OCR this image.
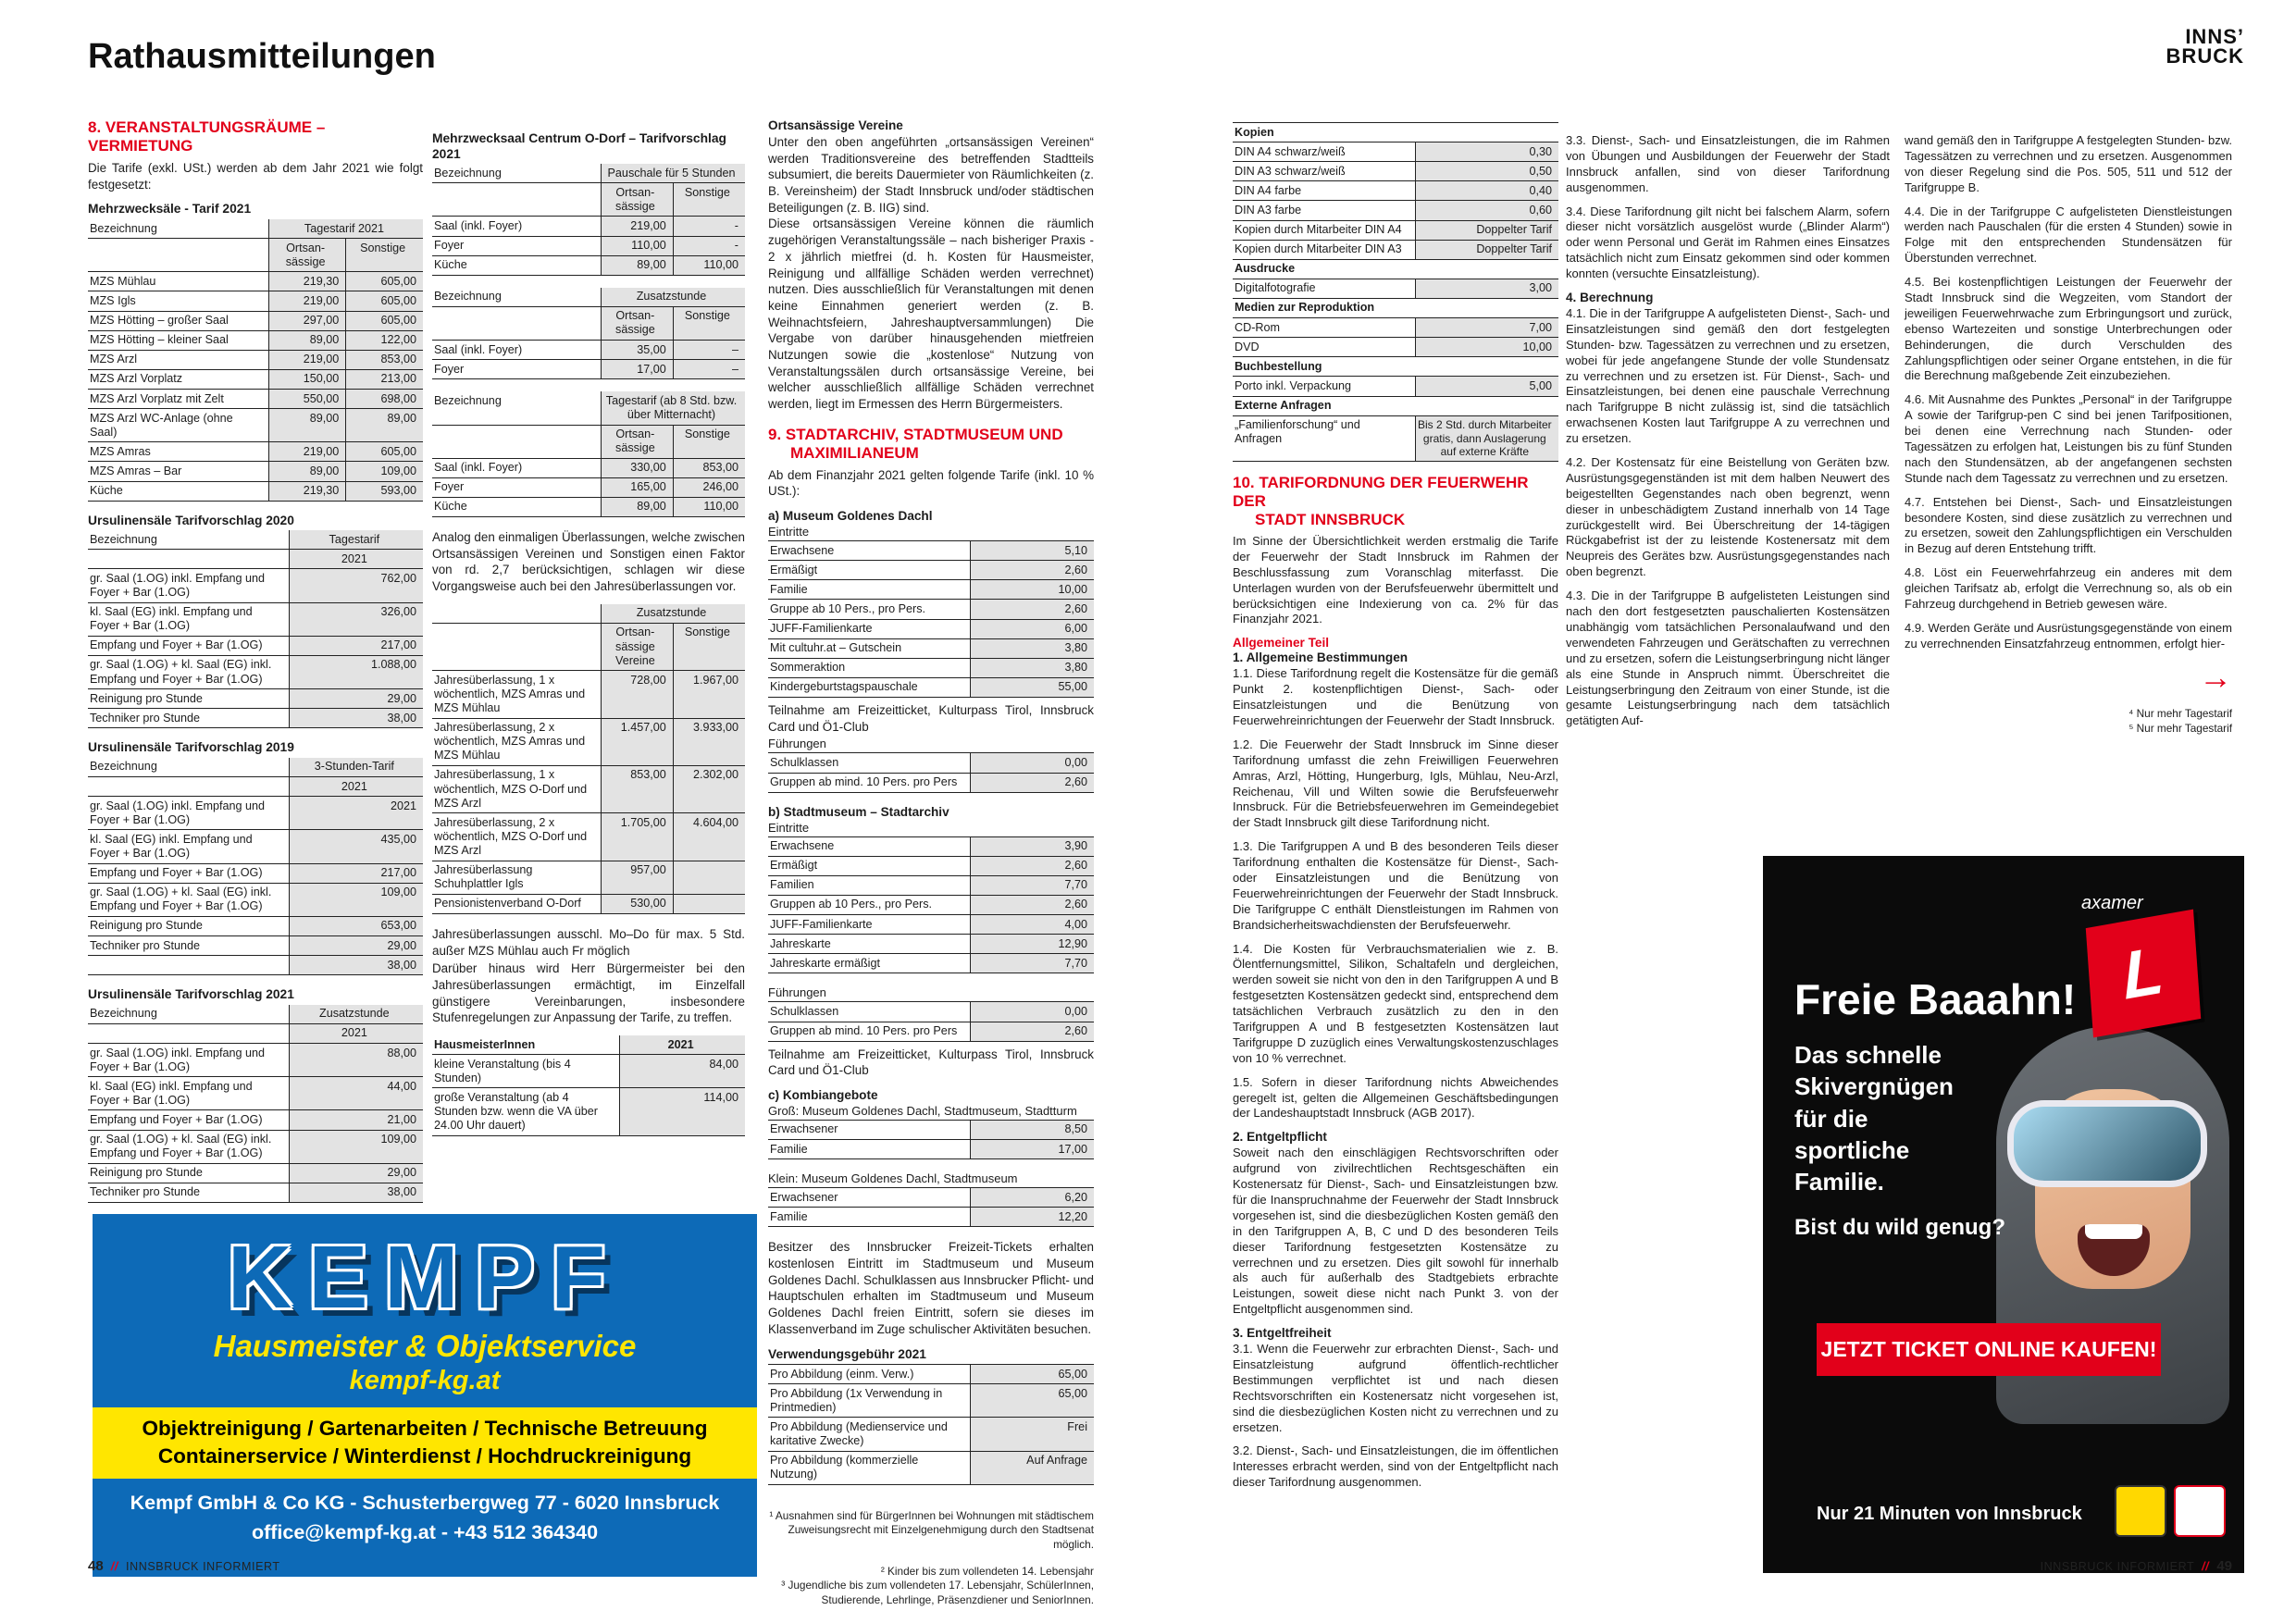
Rathausmitteilungen
INNS’
BRUCK
8. VERANSTALTUNGSRÄUME – VERMIETUNG

Die Tarife (exkl. USt.) werden ab dem Jahr 2021 wie folgt festgesetzt:

Mehrzwecksäle - Tarif 2021
Bezeichnung	Tagestarif 2021	
	Ortsan-sässige	Sonstige
MZS Mühlau	219,30	605,00
MZS Igls	219,00	605,00
MZS Hötting – großer Saal	297,00	605,00
MZS Hötting – kleiner Saal	89,00	122,00
MZS Arzl	219,00	853,00
MZS Arzl Vorplatz	150,00	213,00
MZS Arzl Vorplatz mit Zelt	550,00	698,00
MZS Arzl WC-Anlage (ohne Saal)	89,00	89,00
MZS Amras	219,00	605,00
MZS Amras – Bar	89,00	109,00
Küche	219,30	593,00
Ursulinensäle Tarifvorschlag 2020
Bezeichnung	Tagestarif
	2021
gr. Saal (1.OG) inkl. Empfang und Foyer + Bar (1.OG)	762,00
kl. Saal (EG) inkl. Empfang und Foyer + Bar (1.OG)	326,00
Empfang und Foyer + Bar (1.OG)	217,00
gr. Saal (1.OG) + kl. Saal (EG) inkl. Empfang und Foyer + Bar (1.OG)	1.088,00
Reinigung pro Stunde	29,00
Techniker pro Stunde	38,00
Ursulinensäle Tarifvorschlag 2019
Bezeichnung	3-Stunden-Tarif
	2021
gr. Saal (1.OG) inkl. Empfang und Foyer + Bar (1.OG)	2021
kl. Saal (EG) inkl. Empfang und Foyer + Bar (1.OG)	435,00
Empfang und Foyer + Bar (1.OG)	217,00
gr. Saal (1.OG) + kl. Saal (EG) inkl. Empfang und Foyer + Bar (1.OG)	109,00
Reinigung pro Stunde	653,00
Techniker pro Stunde	29,00
	38,00
Ursulinensäle Tarifvorschlag 2021
Bezeichnung	Zusatzstunde
	2021
gr. Saal (1.OG) inkl. Empfang und Foyer + Bar (1.OG)	88,00
kl. Saal (EG) inkl. Empfang und Foyer + Bar (1.OG)	44,00
Empfang und Foyer + Bar (1.OG)	21,00
gr. Saal (1.OG) + kl. Saal (EG) inkl. Empfang und Foyer + Bar (1.OG)	109,00
Reinigung pro Stunde	29,00
Techniker pro Stunde	38,00
Mehrzwecksaal Centrum O-Dorf – Tarifvorschlag 2021
Bezeichnung	Pauschale für 5 Stunden	
	Ortsan-sässige	Sonstige
Saal (inkl. Foyer)	219,00	-
Foyer	110,00	-
Küche	89,00	110,00
Bezeichnung	Zusatzstunde	
	Ortsan-sässige	Sonstige
Saal (inkl. Foyer)	35,00	–
Foyer	17,00	–
Bezeichnung	Tagestarif (ab 8 Std. bzw. über Mitternacht)	
	Ortsan-sässige	Sonstige
Saal (inkl. Foyer)	330,00	853,00
Foyer	165,00	246,00
Küche	89,00	110,00

Analog den einmaligen Überlassungen, welche zwischen Ortsansässigen Vereinen und Sonstigen einen Faktor von rd. 2,7 berücksichtigen, schlagen wir diese Vorgangsweise auch bei den Jahresüberlassungen vor.

	Zusatzstunde	
	Ortsan-sässige Vereine	Sonstige
Jahresüberlassung, 1 x wöchentlich, MZS Amras und MZS Mühlau	728,00	1.967,00
Jahresüberlassung, 2 x wöchentlich, MZS Amras und MZS Mühlau	1.457,00	3.933,00
Jahresüberlassung, 1 x wöchentlich, MZS O-Dorf und MZS Arzl	853,00	2.302,00
Jahresüberlassung, 2 x wöchentlich, MZS O-Dorf und MZS Arzl	1.705,00	4.604,00
Jahresüberlassung Schuhplattler Igls	957,00	
Pensionistenverband O-Dorf	530,00	

Jahresüberlassungen ausschl. Mo–Do für max. 5 Std. außer MZS Mühlau auch Fr möglich

Darüber hinaus wird Herr Bürgermeister bei den Jahresüberlassungen ermächtigt, im Einzelfall günstigere Vereinbarungen, insbesondere Stufenregelungen zur Anpassung der Tarife, zu treffen.

HausmeisterInnen	2021
kleine Veranstaltung (bis 4 Stunden)	84,00
große Veranstaltung (ab 4 Stunden bzw. wenn die VA über 24.00 Uhr dauert)	114,00
Ortsansässige Vereine

Unter den oben angeführten „ortsansässigen Vereinen“ werden Traditionsvereine des betreffenden Stadtteils subsumiert, die bereits Dauermieter von Räumlichkeiten (z. B. Vereinsheim) der Stadt Innsbruck und/oder städtischen Beteiligungen (z. B. IIG) sind.

Diese ortsansässigen Vereine können die räumlich zugehörigen Veranstaltungssäle – nach bisheriger Praxis - 2 x jährlich mietfrei (d. h. Kosten für Hausmeister, Reinigung und allfällige Schäden werden verrechnet) nutzen. Dies ausschließlich für Veranstaltungen mit denen keine Einnahmen generiert werden (z. B. Weihnachtsfeiern, Jahreshauptversammlungen) Die Vergabe von darüber hinausgehenden mietfreien Nutzungen sowie die „kostenlose“ Nutzung von Veranstaltungssälen durch ortsansässige Vereine, bei welcher ausschließlich allfällige Schäden verrechnet werden, liegt im Ermessen des Herrn Bürgermeisters.

9. STADTARCHIV, STADTMUSEUM UND
MAXIMILIANEUM

Ab dem Finanzjahr 2021 gelten folgende Tarife (inkl. 10 % USt.):

a) Museum Goldenes Dachl
Eintritte
Erwachsene	5,10
Ermäßigt	2,60
Familie	10,00
Gruppe ab 10 Pers., pro Pers.	2,60
JUFF-Familienkarte	6,00
Mit cultuhr.at – Gutschein	3,80
Sommeraktion	3,80
Kindergeburtstagspauschale	55,00

Teilnahme am Freizeitticket, Kulturpass Tirol, Innsbruck Card und Ö1-Club

Führungen
Schulklassen	0,00
Gruppen ab mind. 10 Pers. pro Pers	2,60
b) Stadtmuseum – Stadtarchiv
Eintritte
Erwachsene	3,90
Ermäßigt	2,60
Familien	7,70
Gruppen ab 10 Pers., pro Pers.	2,60
JUFF-Familienkarte	4,00
Jahreskarte	12,90
Jahreskarte ermäßigt	7,70
Führungen
Schulklassen	0,00
Gruppen ab mind. 10 Pers. pro Pers	2,60

Teilnahme am Freizeitticket, Kulturpass Tirol, Innsbruck Card und Ö1-Club

c) Kombiangebote
Groß: Museum Goldenes Dachl, Stadtmuseum, Stadtturm
Erwachsener	8,50
Familie	17,00
Klein: Museum Goldenes Dachl, Stadtmuseum
Erwachsener	6,20
Familie	12,20

Besitzer des Innsbrucker Freizeit-Tickets erhalten kostenlosen Eintritt im Stadtmuseum und Museum Goldenes Dachl. Schulklassen aus Innsbrucker Pflicht- und Hauptschulen erhalten im Stadtmuseum und Museum Goldenes Dachl freien Eintritt, sofern sie dieses im Klassenverband im Zuge schulischer Aktivitäten besuchen.

Verwendungsgebühr 2021
Pro Abbildung (einm. Verw.)	65,00
Pro Abbildung (1x Verwendung in Printmedien)	65,00
Pro Abbildung (Medienservice und karitative Zwecke)	Frei
Pro Abbildung (kommerzielle Nutzung)	Auf Anfrage

¹ Ausnahmen sind für BürgerInnen bei Wohnungen mit städtischem Zuweisungsrecht mit Einzelgenehmigung durch den Stadtsenat möglich.

² Kinder bis zum vollendeten 14. Lebensjahr

³ Jugendliche bis zum vollendeten 17. Lebensjahr, SchülerInnen, Studierende, Lehrlinge, Präsenzdiener und SeniorInnen.

Kopien	
DIN A4 schwarz/weiß	0,30
DIN A3 schwarz/weiß	0,50
DIN A4 farbe	0,40
DIN A3 farbe	0,60
Kopien durch Mitarbeiter DIN A4	Doppelter Tarif
Kopien durch Mitarbeiter DIN A3	Doppelter Tarif
Ausdrucke	
Digitalfotografie	3,00
Medien zur Reproduktion	
CD-Rom	7,00
DVD	10,00
Buchbestellung	
Porto inkl. Verpackung	5,00
Externe Anfragen	
„Familienforschung“ und Anfragen	Bis 2 Std. durch Mitarbeiter gratis, dann Auslagerung auf externe Kräfte
10. TARIFORDNUNG DER FEUERWEHR DER
STADT INNSBRUCK

Im Sinne der Übersichtlichkeit werden erstmalig die Tarife der Feuerwehr der Stadt Innsbruck im Rahmen der Beschlussfassung zum Voranschlag miterfasst. Die Unterlagen wurden von der Berufsfeuerwehr übermittelt und berücksichtigen eine Indexierung von ca. 2% für das Finanzjahr 2021.

Allgemeiner Teil
1. Allgemeine Bestimmungen

1.1. Diese Tarifordnung regelt die Kostensätze für die gemäß Punkt 2. kostenpflichtigen Dienst-, Sach- oder Einsatzleistungen und die Benützung von Feuerwehreinrichtungen der Feuerwehr der Stadt Innsbruck.

1.2. Die Feuerwehr der Stadt Innsbruck im Sinne dieser Tarifordnung umfasst die zehn Freiwilligen Feuerwehren Amras, Arzl, Hötting, Hungerburg, Igls, Mühlau, Neu-Arzl, Reichenau, Vill und Wilten sowie die Berufsfeuerwehr Innsbruck. Für die Betriebsfeuerwehren im Gemeindegebiet der Stadt Innsbruck gilt diese Tarifordnung nicht.

1.3. Die Tarifgruppen A und B des besonderen Teils dieser Tarifordnung enthalten die Kostensätze für Dienst-, Sach- oder Einsatzleistungen und die Benützung von Feuerwehreinrichtungen der Feuerwehr der Stadt Innsbruck. Die Tarifgruppe C enthält Dienstleistungen im Rahmen von Brandsicherheitswachdiensten der Berufsfeuerwehr.

1.4. Die Kosten für Verbrauchsmaterialien wie z. B. Ölentfernungsmittel, Silikon, Schaltafeln und dergleichen, werden soweit sie nicht von den in den Tarifgruppen A und B festgesetzten Kostensätzen gedeckt sind, entsprechend dem tatsächlichen Verbrauch zusätzlich zu den in den Tarifgruppen A und B festgesetzten Kostensätzen laut Tarifgruppe D zuzüglich eines Verwaltungskostenzuschlages von 10 % verrechnet.

1.5. Sofern in dieser Tarifordnung nichts Abweichendes geregelt ist, gelten die Allgemeinen Geschäftsbedingungen der Landeshauptstadt Innsbruck (AGB 2017).

2. Entgeltpflicht

Soweit nach den einschlägigen Rechtsvorschriften oder aufgrund von zivilrechtlichen Rechtsgeschäften ein Kostenersatz für Dienst-, Sach- und Einsatzleistungen bzw. für die Inanspruchnahme der Feuerwehr der Stadt Innsbruck vorgesehen ist, sind die diesbezüglichen Kosten gemäß den in den Tarifgruppen A, B, C und D des besonderen Teils dieser Tarifordnung festgesetzten Kostensätze zu verrechnen und zu ersetzen. Dies gilt sowohl für innerhalb als auch für außerhalb des Stadtgebiets erbrachte Leistungen, soweit diese nicht nach Punkt 3. von der Entgeltpflicht ausgenommen sind.

3. Entgeltfreiheit

3.1. Wenn die Feuerwehr zur erbrachten Dienst-, Sach- und Einsatzleistung aufgrund öffentlich-rechtlicher Bestimmungen verpflichtet ist und nach diesen Rechtsvorschriften ein Kostenersatz nicht vorgesehen ist, sind die diesbezüglichen Kosten nicht zu verrechnen und zu ersetzen.

3.2. Dienst-, Sach- und Einsatzleistungen, die im öffentlichen Interesses erbracht werden, sind von der Entgeltpflicht nach dieser Tarifordnung ausgenommen.

3.3. Dienst-, Sach- und Einsatzleistungen, die im Rahmen von Übungen und Ausbildungen der Feuerwehr der Stadt Innsbruck anfallen, sind von dieser Tarifordnung ausgenommen.

3.4. Diese Tarifordnung gilt nicht bei falschem Alarm, sofern dieser nicht vorsätzlich ausgelöst wurde („Blinder Alarm“) oder wenn Personal und Gerät im Rahmen eines Einsatzes tatsächlich nicht zum Einsatz gekommen sind oder kommen konnten (versuchte Einsatzleistung).

4. Berechnung

4.1. Die in der Tarifgruppe A aufgelisteten Dienst-, Sach- und Einsatzleistungen sind gemäß den dort festgelegten Stunden- bzw. Tagessätzen zu verrechnen und zu ersetzen, wobei für jede angefangene Stunde der volle Stundensatz zu verrechnen und zu ersetzen ist. Für Dienst-, Sach- und Einsatzleistungen, bei denen eine pauschale Verrechnung nach Tarifgruppe B nicht zulässig ist, sind die tatsächlich erwachsenen Kosten laut Tarifgruppe A zu verrechnen und zu ersetzen.

4.2. Der Kostensatz für eine Beistellung von Geräten bzw. Ausrüstungsgegenständen ist mit dem halben Neuwert des beigestellten Gegenstandes nach oben begrenzt, wenn dieser in unbeschädigtem Zustand innerhalb von 14 Tage zurückgestellt wird. Bei Überschreitung der 14-tägigen Rückgabefrist ist der zu leistende Kostenersatz mit dem Neupreis des Gerätes bzw. Ausrüstungsgegenstandes nach oben begrenzt.

4.3. Die in der Tarifgruppe B aufgelisteten Leistungen sind nach den dort festgesetzten pauschalierten Kostensätzen unabhängig vom tatsächlichen Personalaufwand und den verwendeten Fahrzeugen und Gerätschaften zu verrechnen und zu ersetzen, sofern die Leistungserbringung nicht länger als eine Stunde in Anspruch nimmt. Überschreitet die Leistungserbringung den Zeitraum von einer Stunde, ist die gesamte Leistungserbringung nach dem tatsächlich getätigten Auf-

wand gemäß den in Tarifgruppe A festgelegten Stunden- bzw. Tagessätzen zu verrechnen und zu ersetzen. Ausgenommen von dieser Regelung sind die Pos. 505, 511 und 512 der Tarifgruppe B.

4.4. Die in der Tarifgruppe C aufgelisteten Dienstleistungen werden nach Pauschalen (für die ersten 4 Stunden) sowie in Folge mit den entsprechenden Stundensätzen für Überstunden verrechnet.

4.5. Bei kostenpflichtigen Leistungen der Feuerwehr der Stadt Innsbruck sind die Wegzeiten, vom Standort der jeweiligen Feuerwehrwache zum Erbringungsort und zurück, ebenso Wartezeiten und sonstige Unterbrechungen oder Behinderungen, die durch Verschulden des Zahlungspflichtigen oder seiner Organe entstehen, in die für die Berechnung maßgebende Zeit einzubeziehen.

4.6. Mit Ausnahme des Punktes „Personal“ in der Tarifgruppe A sowie der Tarifgrup-pen C sind bei jenen Tarifpositionen, bei denen eine Verrechnung nach Stunden- oder Tagessätzen zu erfolgen hat, Leistungen bis zu fünf Stunden nach den Stundensätzen, ab der angefangenen sechsten Stunde nach dem Tagessatz zu verrechnen und zu ersetzen.

4.7. Entstehen bei Dienst-, Sach- und Einsatzleistungen besondere Kosten, sind diese zusätzlich zu verrechnen und zu ersetzen, soweit den Zahlungspflichtigen ein Verschulden in Bezug auf deren Entstehung trifft.

4.8. Löst ein Feuerwehrfahrzeug ein anderes mit dem gleichen Tarifsatz ab, erfolgt die Verrechnung so, als ob ein Fahrzeug durchgehend in Betrieb gewesen wäre.

4.9. Werden Geräte und Ausrüstungsgegenstände von einem zu verrechnenden Einsatzfahrzeug entnommen, erfolgt hier-

→
⁴ Nur mehr Tagestarif
⁵ Nur mehr Tagestarif
KEMPF
Hausmeister & Objektservice
kempf-kg.at
Objektreinigung / Gartenarbeiten / Technische Betreuung
Containerservice / Winterdienst / Hochdruckreinigung
Kempf GmbH & Co KG - Schusterbergweg 77 - 6020 Innsbruck
office@kempf-kg.at - +43 512 364340
axamer
L
Freie Baaahn!
Das schnelle Skivergnügen
für die sportliche Familie.
Bist du wild genug?
JETZT TICKET ONLINE KAUFEN!
Nur 21 Minuten von Innsbruck
48 // INNSBRUCK INFORMIERT	INNSBRUCK INFORMIERT // 49
